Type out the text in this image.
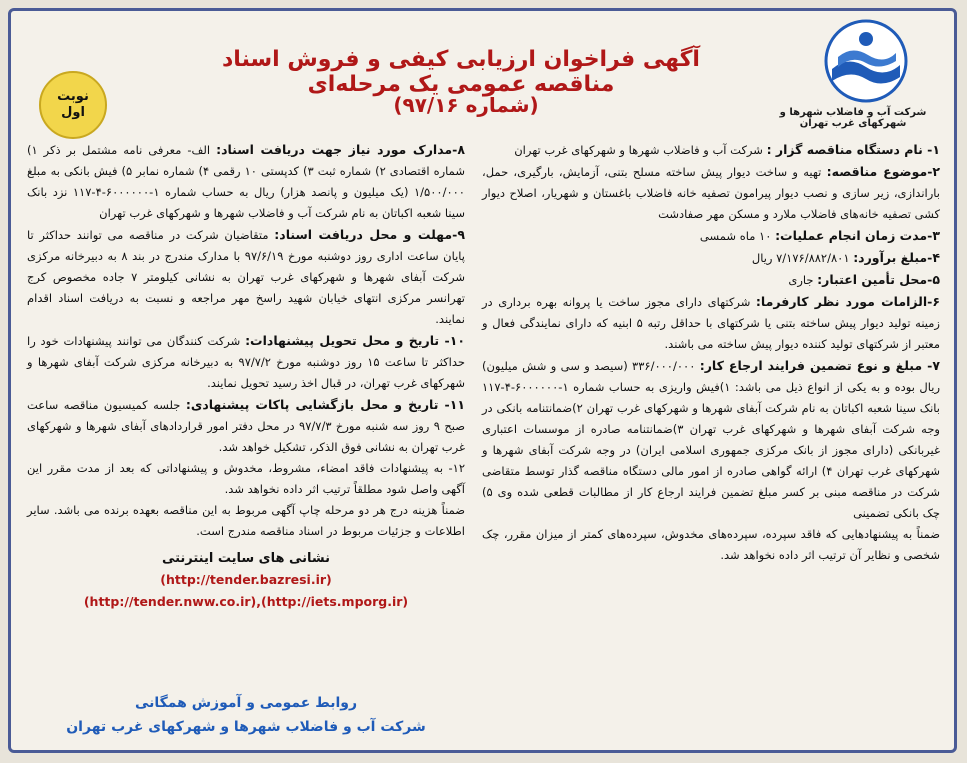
نوبت
اول
آگهی فراخوان ارزیابی کیفی و فروش اسناد مناقصه عمومی یک مرحله‌ای
(شماره ۹۷/۱۶)	شرکت آب و فاضلاب شهرها و شهرکهای غرب تهران

۱- نام دستگاه مناقصه گزار : شرکت آب و فاضلاب شهرها و شهرکهای غرب تهران

۲-موضوع مناقصه: تهیه و ساخت دیوار پیش ساخته مسلح بتنی، آزمایش، بارگیری، حمل، باراندازی، زیر سازی و نصب دیوار پیرامون تصفیه خانه فاضلاب باغستان و شهریار، اصلاح دیوار کشی تصفیه خانه‌های فاضلاب ملارد و مسکن مهر صفادشت

۳-مدت زمان انجام عملیات: ۱۰ ماه شمسی

۴-مبلغ برآورد: ۷/۱۷۶/۸۸۲/۸۰۱ ریال

۵-محل تأمین اعتبار: جاری

۶-الزامات مورد نظر کارفرما: شرکتهای دارای مجوز ساخت یا پروانه بهره برداری در زمینه تولید دیوار پیش ساخته بتنی یا شرکتهای با حداقل رتبه ۵ ابنیه که دارای نمایندگی فعال و معتبر از شرکتهای تولید کننده دیوار پیش ساخته می باشند.

۷- مبلغ و نوع تضمین فرایند ارجاع کار: ۳۳۶/۰۰۰/۰۰۰ (سیصد و سی و شش میلیون) ریال بوده و به یکی از انواع ذیل می باشد: ۱)فیش واریزی به حساب شماره ۱-۶۰۰۰۰۰۰-۴-۱۱۷ بانک سینا شعبه اکباتان به نام شرکت آبفای شهرها و شهرکهای غرب تهران ۲)ضمانتنامه بانکی در وجه شرکت آبفای شهرها و شهرکهای غرب تهران ۳)ضمانتنامه صادره از موسسات اعتباری غیربانکی (دارای مجوز از بانک مرکزی جمهوری اسلامی ایران) در وجه شرکت آبفای شهرها و شهرکهای غرب تهران ۴) ارائه گواهی صادره از امور مالی دستگاه مناقصه گذار توسط متقاضی شرکت در مناقصه مبنی بر کسر مبلغ تضمین فرایند ارجاع کار از مطالبات قطعی شده وی ۵) چک بانکی تضمینی

ضمناً به پیشنهادهایی که فاقد سپرده، سپرده‌های مخدوش، سپرده‌های کمتر از میزان مقرر، چک شخصی و نظایر آن ترتیب اثر داده نخواهد شد.

۸-مدارک مورد نیاز جهت دریافت اسناد: الف- معرفی نامه مشتمل بر ذکر ۱) شماره اقتصادی ۲) شماره ثبت ۳) کدپستی ۱۰ رقمی ۴) شماره نمابر ۵) فیش بانکی به مبلغ ۱/۵۰۰/۰۰۰ (یک میلیون و پانصد هزار) ریال به حساب شماره ۱-۶۰۰۰۰۰۰-۴-۱۱۷ نزد بانک سینا شعبه اکباتان به نام شرکت آب و فاضلاب شهرها و شهرکهای غرب تهران

۹-مهلت و محل دریافت اسناد: متقاضیان شرکت در مناقصه می توانند حداکثر تا پایان ساعت اداری روز دوشنبه مورخ ۹۷/۶/۱۹ با مدارک مندرج در بند ۸ به دبیرخانه مرکزی شرکت آبفای شهرها و شهرکهای غرب تهران به نشانی کیلومتر ۷ جاده مخصوص کرج تهرانسر مرکزی انتهای خیابان شهید راسخ مهر مراجعه و نسبت به دریافت اسناد اقدام نمایند.

۱۰- تاریخ و محل تحویل پیشنهادات: شرکت کنندگان می توانند پیشنهادات خود را حداکثر تا ساعت ۱۵ روز دوشنبه مورخ ۹۷/۷/۲ به دبیرخانه مرکزی شرکت آبفای شهرها و شهرکهای غرب تهران، در قبال اخذ رسید تحویل نمایند.

۱۱- تاریخ و محل بازگشایی پاکات پیشنهادی: جلسه کمیسیون مناقصه ساعت صبح ۹ روز سه شنبه مورخ ۹۷/۷/۳ در محل دفتر امور قراردادهای آبفای شهرها و شهرکهای غرب تهران به نشانی فوق الذکر، تشکیل خواهد شد.

۱۲- به پیشنهادات فاقد امضاء، مشروط، مخدوش و پیشنهاداتی که بعد از مدت مقرر این آگهی واصل شود مطلقاً ترتیب اثر داده نخواهد شد.

ضمناً هزینه درج هر دو مرحله چاپ آگهی مربوط به این مناقصه بعهده برنده می باشد. سایر اطلاعات و جزئیات مربوط در اسناد مناقصه مندرج است.

نشانی های سایت اینترنتی
(http://tender.bazresi.ir)
(http://tender.nww.co.ir),(http://iets.mporg.ir)
روابط عمومی و آموزش همگانی
شرکت آب و فاضلاب شهرها و شهرکهای غرب تهران
